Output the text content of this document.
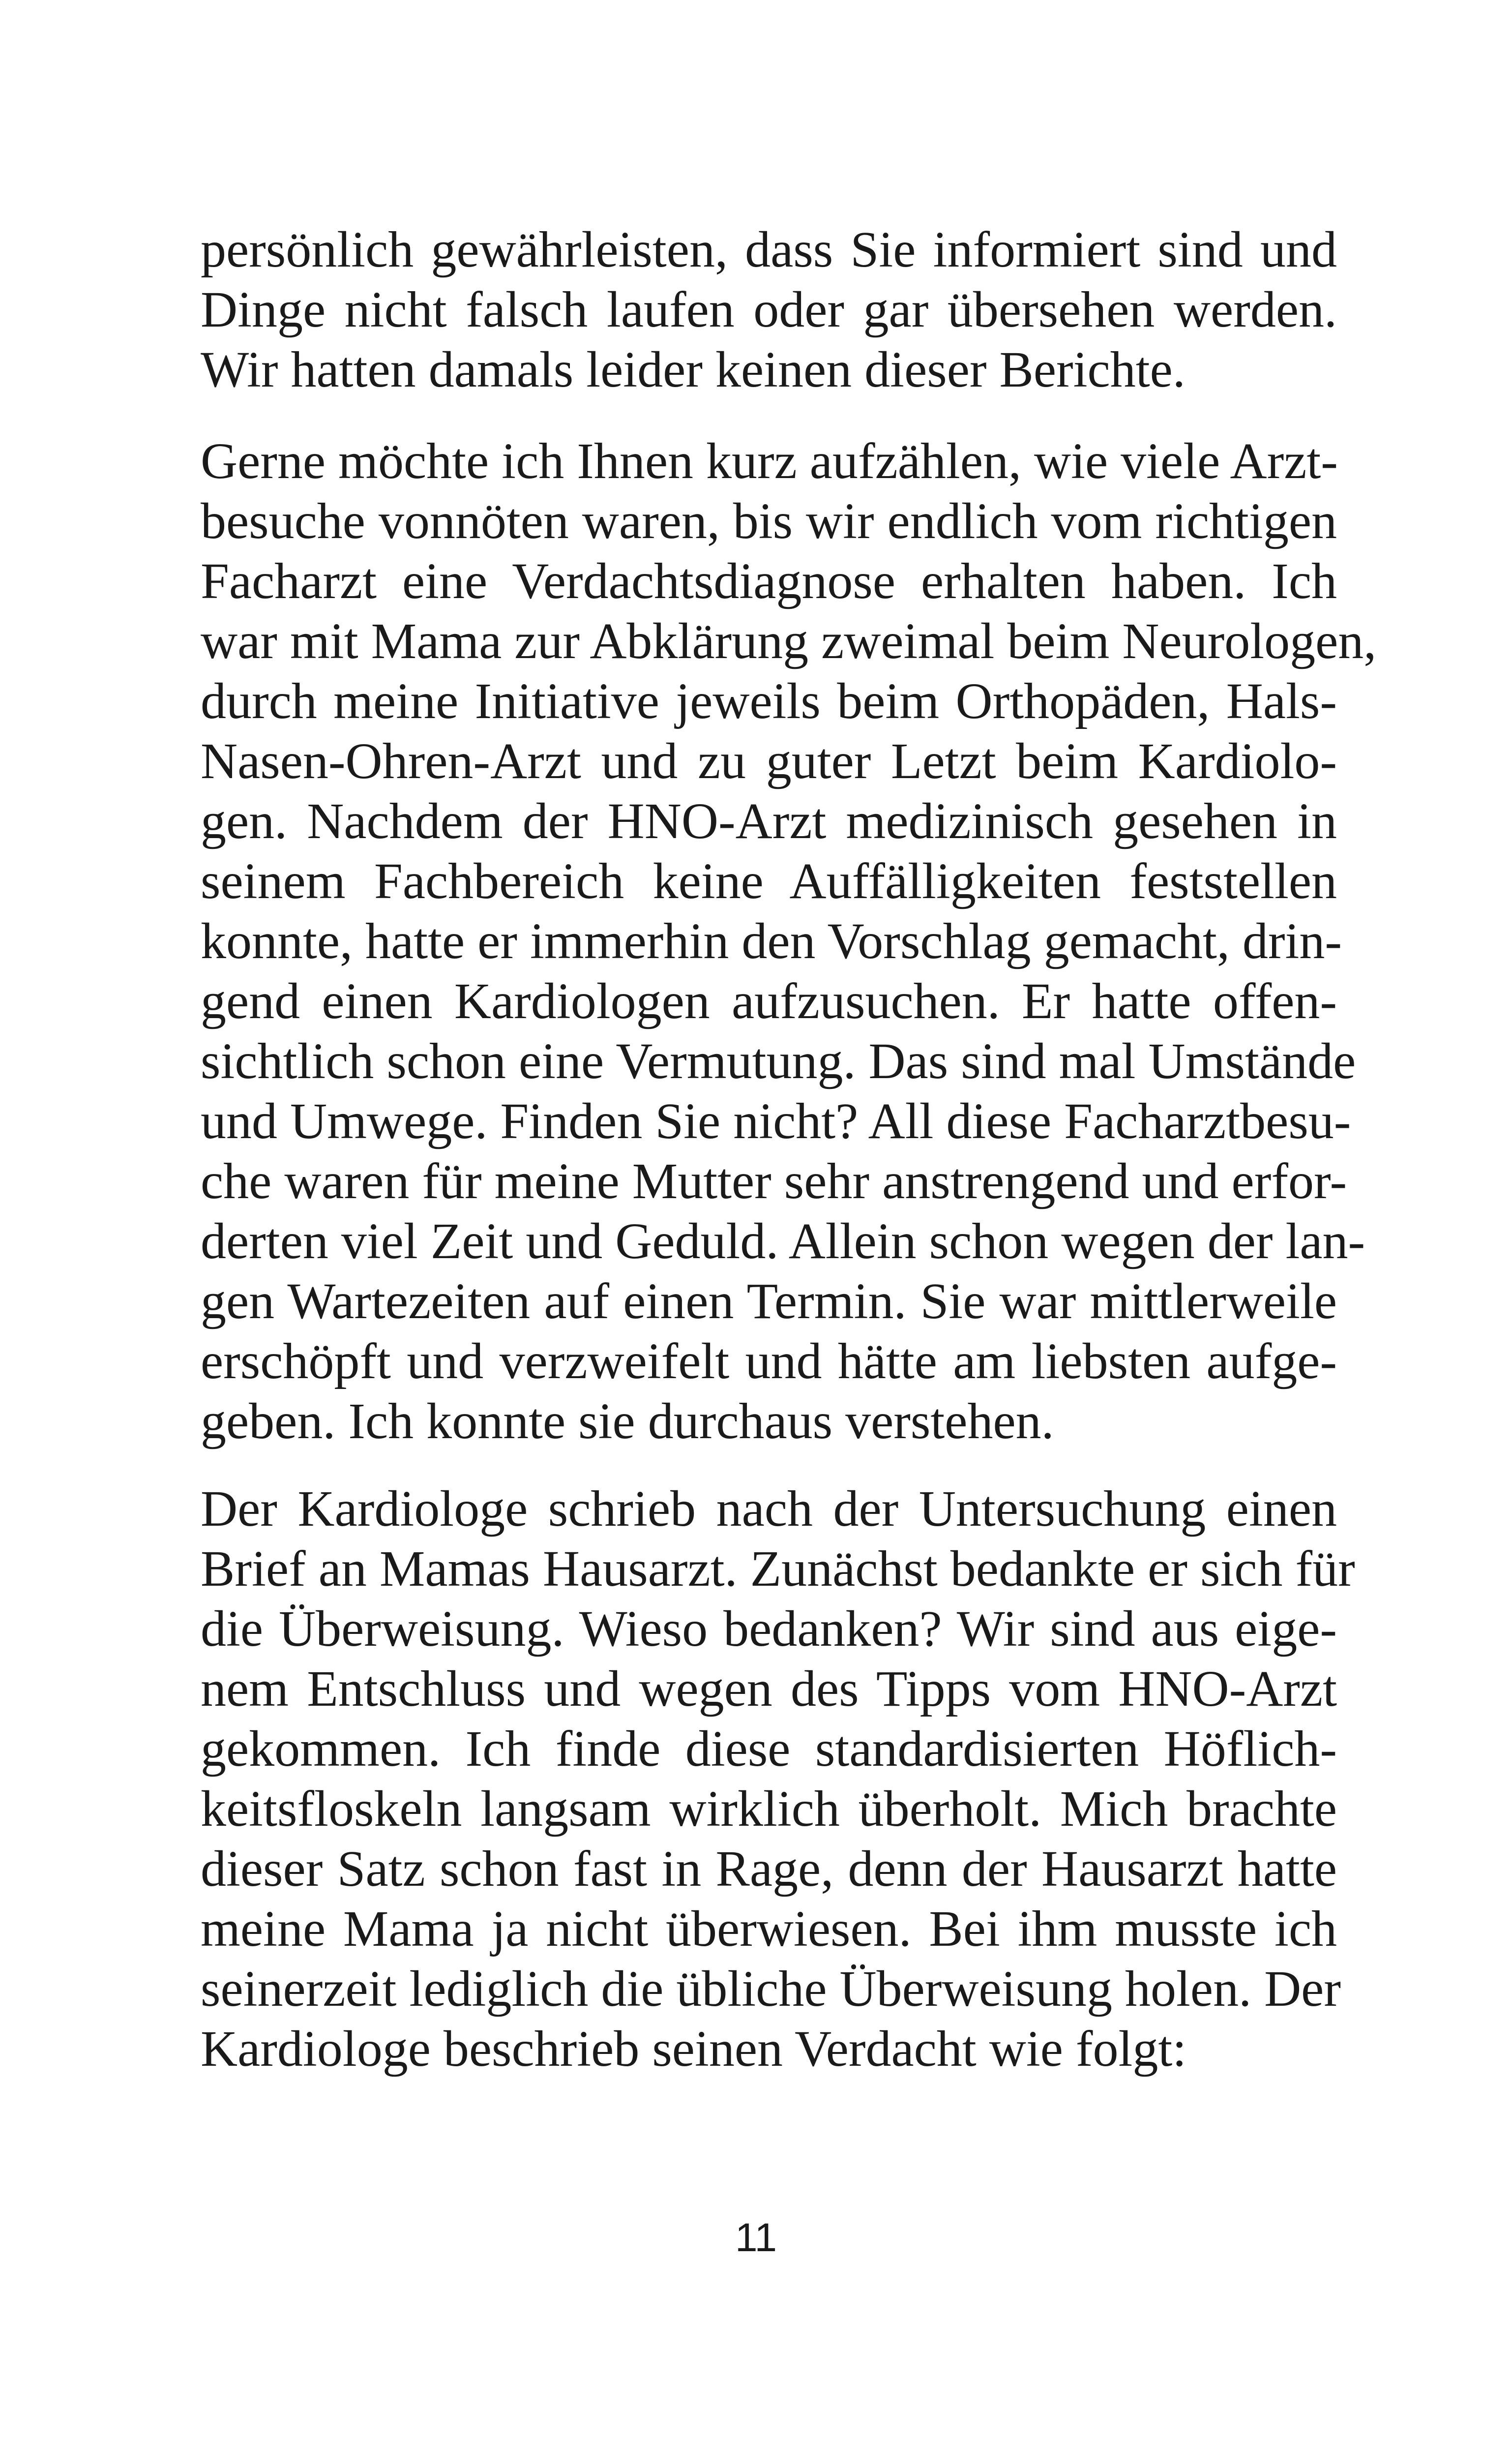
persönlich gewährleisten, dass Sie informiert sind und
Dinge nicht falsch laufen oder gar übersehen werden.
Wir hatten damals leider keinen dieser Berichte.
Gerne möchte ich Ihnen kurz aufzählen, wie viele Arzt-
besuche vonnöten waren, bis wir endlich vom richtigen
Facharzt eine Verdachtsdiagnose erhalten haben. Ich
war mit Mama zur Abklärung zweimal beim Neurologen,
durch meine Initiative jeweils beim Orthopäden, Hals-
Nasen-Ohren-Arzt und zu guter Letzt beim Kardiolo-
gen. Nachdem der HNO-Arzt medizinisch gesehen in
seinem Fachbereich keine Auffälligkeiten feststellen
konnte, hatte er immerhin den Vorschlag gemacht, drin-
gend einen Kardiologen aufzusuchen. Er hatte offen-
sichtlich schon eine Vermutung. Das sind mal Umstände
und Umwege. Finden Sie nicht? All diese Facharztbesu-
che waren für meine Mutter sehr anstrengend und erfor-
derten viel Zeit und Geduld. Allein schon wegen der lan-
gen Wartezeiten auf einen Termin. Sie war mittlerweile
erschöpft und verzweifelt und hätte am liebsten aufge-
geben. Ich konnte sie durchaus verstehen.
Der Kardiologe schrieb nach der Untersuchung einen
Brief an Mamas Hausarzt. Zunächst bedankte er sich für
die Überweisung. Wieso bedanken? Wir sind aus eige-
nem Entschluss und wegen des Tipps vom HNO-Arzt
gekommen. Ich finde diese standardisierten Höflich-
keitsfloskeln langsam wirklich überholt. Mich brachte
dieser Satz schon fast in Rage, denn der Hausarzt hatte
meine Mama ja nicht überwiesen. Bei ihm musste ich
seinerzeit lediglich die übliche Überweisung holen. Der
Kardiologe beschrieb seinen Verdacht wie folgt:
11
